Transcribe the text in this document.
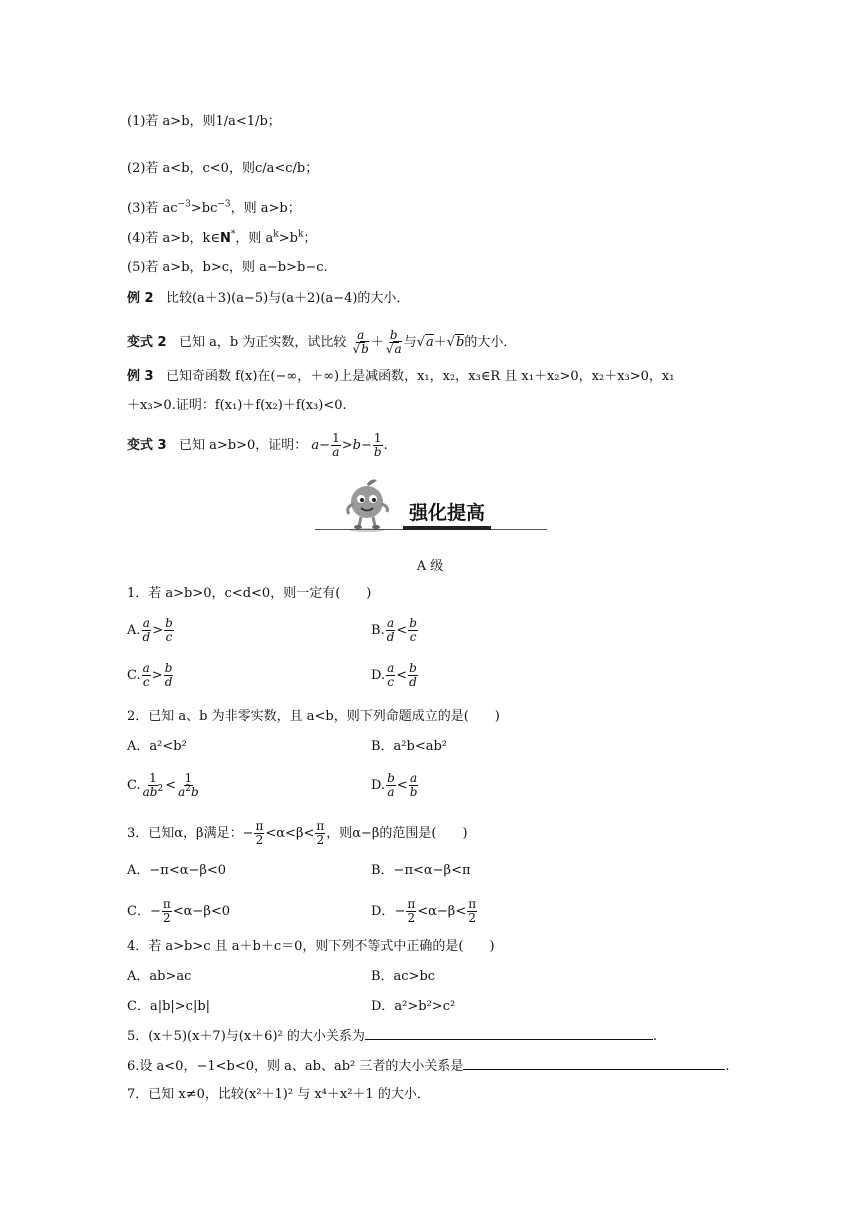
(1)若 a>b，则1/a<1/b；
(2)若 a<b，c<0，则c/a<c/b；
(3)若 $ac^{-3}>bc^{-3}$，则 a>b；
(4)若 a>b，k∈N*，则 $a^k>b^k$；
(5)若 a>b，b>c，则 a−b>b−c.
例 2 比较(a＋3)(a−5)与(a＋2)(a−4)的大小．
变式 2 已知 a，b 为正实数，试比较 $\frac{a}{√b} + \frac{b}{√a}$ 与√a＋√b的大小．
例 3 已知奇函数 f(x)在(−∞，＋∞)上是减函数，x₁，x₂，x₃∈R 且 x₁＋x₂>0，x₂＋x₃>0，x₁
＋x₃>0.证明：f(x₁)＋f(x₂)＋f(x₃)<0.
变式 3 已知 a>b>0，证明： $a- \frac{1}{a} >b- \frac{1}{b}$ .
强化提高
A 级
1．若 a>b>0，c<d<0，则一定有(　　)
A. $\frac{a}{d} > \frac{b}{c}$	B. $\frac{a}{d} < \frac{b}{c}$
C. $\frac{a}{c} > \frac{b}{d}$	D. $\frac{a}{c} < \frac{b}{d}$
2．已知 a、b 为非零实数，且 a<b，则下列命题成立的是(　　)
A．a²<b²	B．a²b<ab²
C. $\frac{1}{ab^2} < \frac{1}{a^2b}$	D. $\frac{b}{a} < \frac{a}{b}$
3．已知α，β满足：− $\frac{\pi}{2} <\alpha<\beta< \frac{\pi}{2}$ ，则α−β的范围是(　　)
A．−π<α−β<0	B．−π<α−β<π
C．− $\frac{\pi}{2} <\alpha-\beta<0$	D．− $\frac{\pi}{2} <\alpha-\beta< \frac{\pi}{2}$
4．若 a>b>c 且 a＋b＋c＝0，则下列不等式中正确的是(　　)
A．ab>ac	B．ac>bc
C．a|b|>c|b|	D．a²>b²>c²
5．(x＋5)(x＋7)与(x＋6)² 的大小关系为	.
6.设 a<0，−1<b<0，则 a、ab、ab² 三者的大小关系是	.
7．已知 x≠0，比较(x²＋1)² 与 x⁴＋x²＋1 的大小．
